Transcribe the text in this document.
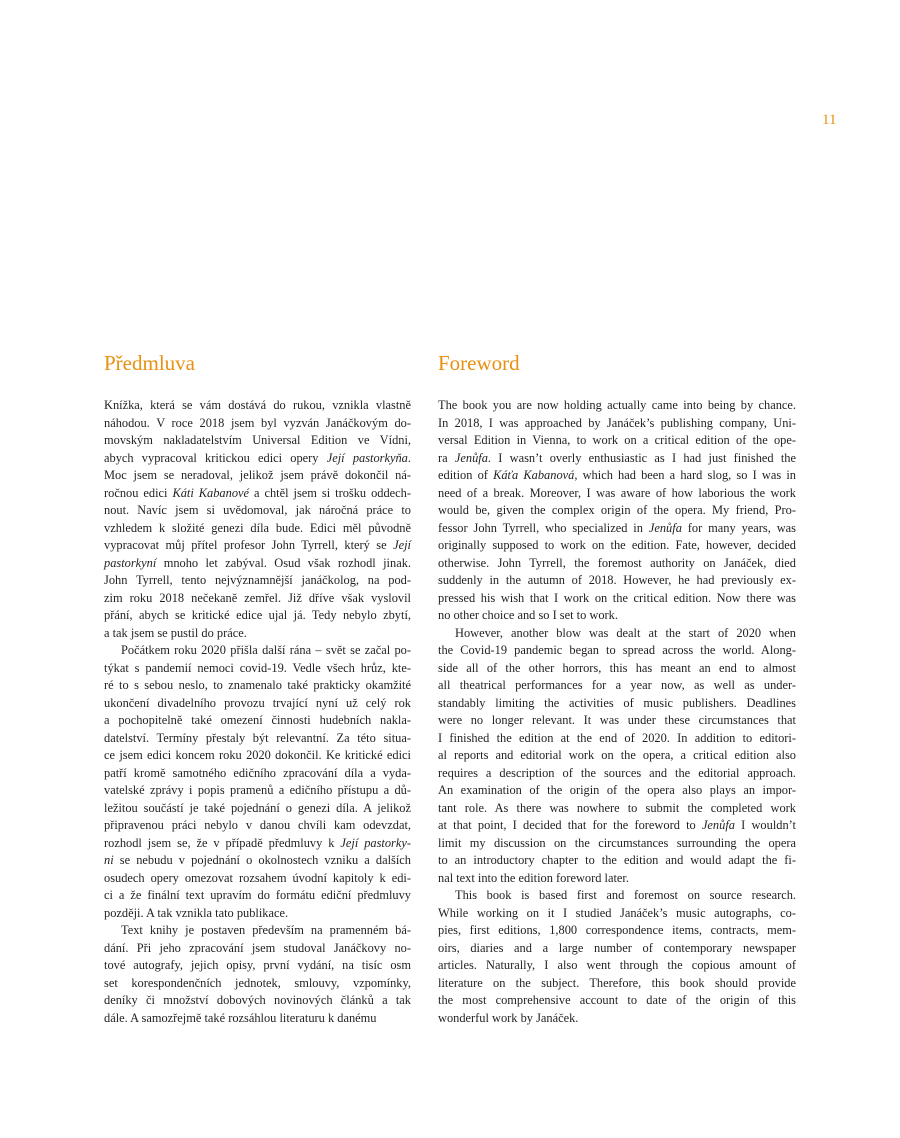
11
Předmluva
Knížka, která se vám dostává do rukou, vznikla vlastně
náhodou. V roce 2018 jsem byl vyzván Janáčkovým do-
movským nakladatelstvím Universal Edition ve Vídni,
abych vypracoval kritickou edici opery Její pastorkyňa.
Moc jsem se neradoval, jelikož jsem právě dokončil ná-
ročnou edici Káti Kabanové a chtěl jsem si trošku oddech-
nout. Navíc jsem si uvědomoval, jak náročná práce to
vzhledem k složité genezi díla bude. Edici měl původně
vypracovat můj přítel profesor John Tyrrell, který se Její
pastorkyní mnoho let zabýval. Osud však rozhodl jinak.
John Tyrrell, tento nejvýznamnější janáčkolog, na pod-
zim roku 2018 nečekaně zemřel. Již dříve však vyslovil
přání, abych se kritické edice ujal já. Tedy nebylo zbytí,
a tak jsem se pustil do práce.
Počátkem roku 2020 přišla další rána – svět se začal po-
týkat s pandemií nemoci covid-19. Vedle všech hrůz, kte-
ré to s sebou neslo, to znamenalo také prakticky okamžité
ukončení divadelního provozu trvající nyní už celý rok
a pochopitelně také omezení činnosti hudebních nakla-
datelství. Termíny přestaly být relevantní. Za této situa-
ce jsem edici koncem roku 2020 dokončil. Ke kritické edici
patří kromě samotného edičního zpracování díla a vyda-
vatelské zprávy i popis pramenů a edičního přístupu a dů-
ležitou součástí je také pojednání o genezi díla. A jelikož
připravenou práci nebylo v danou chvíli kam odevzdat,
rozhodl jsem se, že v případě předmluvy k Její pastorky-
ni se nebudu v pojednání o okolnostech vzniku a dalších
osudech opery omezovat rozsahem úvodní kapitoly k edi-
ci a že finální text upravím do formátu ediční předmluvy
později. A tak vznikla tato publikace.
Text knihy je postaven především na pramenném bá-
dání. Při jeho zpracování jsem studoval Janáčkovy no-
tové autografy, jejich opisy, první vydání, na tisíc osm
set korespondenčních jednotek, smlouvy, vzpomínky,
deníky či množství dobových novinových článků a tak
dále. A samozřejmě také rozsáhlou literaturu k danému
Foreword
The book you are now holding actually came into being by chance.
In 2018, I was approached by Janáček’s publishing company, Uni-
versal Edition in Vienna, to work on a critical edition of the ope-
ra Jenůfa. I wasn’t overly enthusiastic as I had just finished the
edition of Káťa Kabanová, which had been a hard slog, so I was in
need of a break. Moreover, I was aware of how laborious the work
would be, given the complex origin of the opera. My friend, Pro-
fessor John Tyrrell, who specialized in Jenůfa for many years, was
originally supposed to work on the edition. Fate, however, decided
otherwise. John Tyrrell, the foremost authority on Janáček, died
suddenly in the autumn of 2018. However, he had previously ex-
pressed his wish that I work on the critical edition. Now there was
no other choice and so I set to work.
However, another blow was dealt at the start of 2020 when
the Covid-19 pandemic began to spread across the world. Along-
side all of the other horrors, this has meant an end to almost
all theatrical performances for a year now, as well as under-
standably limiting the activities of music publishers. Deadlines
were no longer relevant. It was under these circumstances that
I finished the edition at the end of 2020. In addition to editori-
al reports and editorial work on the opera, a critical edition also
requires a description of the sources and the editorial approach.
An examination of the origin of the opera also plays an impor-
tant role. As there was nowhere to submit the completed work
at that point, I decided that for the foreword to Jenůfa I wouldn’t
limit my discussion on the circumstances surrounding the opera
to an introductory chapter to the edition and would adapt the fi-
nal text into the edition foreword later.
This book is based first and foremost on source research.
While working on it I studied Janáček’s music autographs, co-
pies, first editions, 1,800 correspondence items, contracts, mem-
oirs, diaries and a large number of contemporary newspaper
articles. Naturally, I also went through the copious amount of
literature on the subject. Therefore, this book should provide
the most comprehensive account to date of the origin of this
wonderful work by Janáček.
